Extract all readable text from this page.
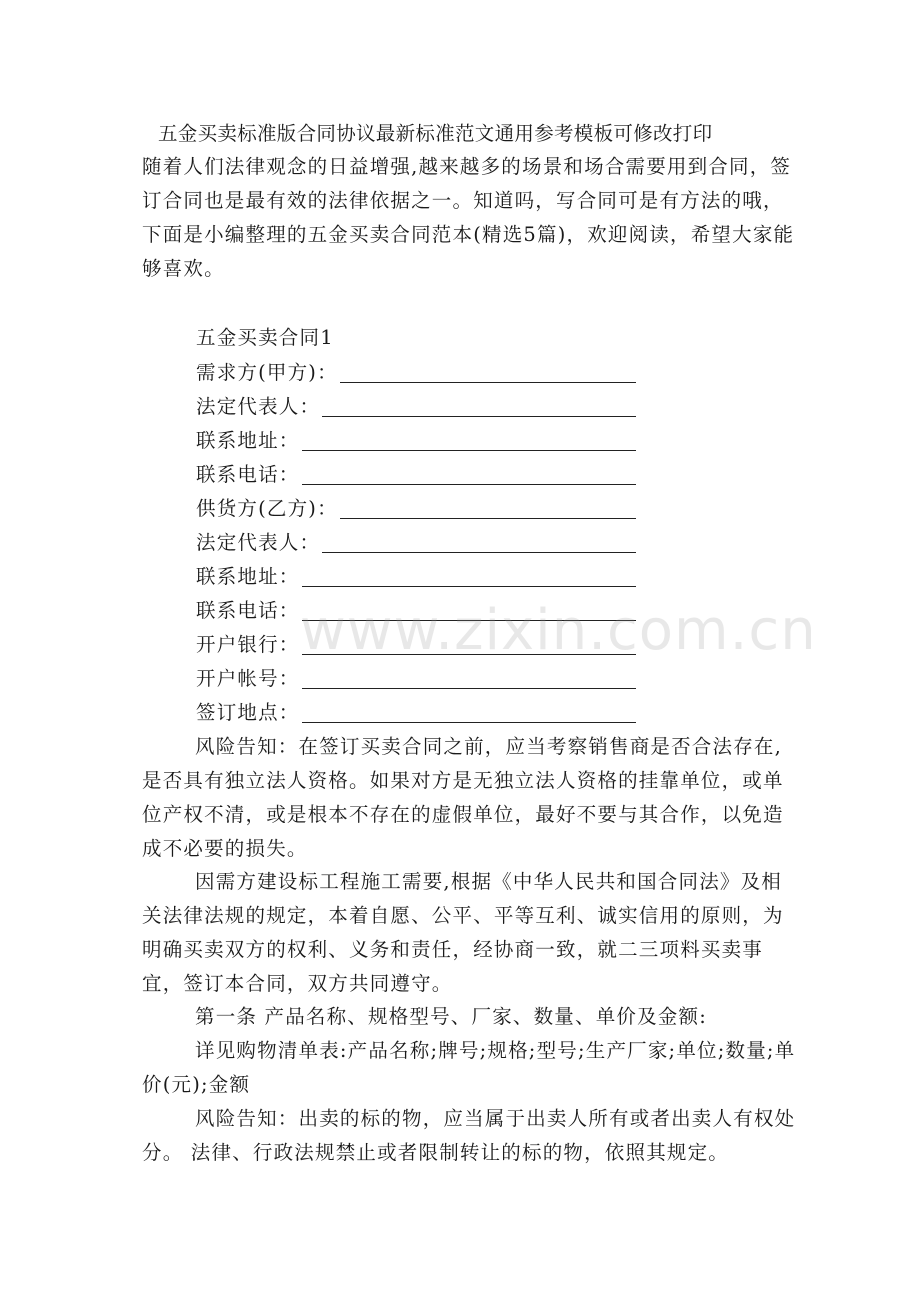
五金买卖标准版合同协议最新标准范文通用参考模板可修改打印

随着人们法律观念的日益增强,越来越多的场景和场合需要用到合同，签订合同也是最有效的法律依据之一。知道吗，写合同可是有方法的哦，下面是小编整理的五金买卖合同范本(精选5篇)，欢迎阅读，希望大家能够喜欢。

五金买卖合同1

需求方(甲方)：
法定代表人：
联系地址：
联系电话：
供货方(乙方)：
法定代表人：
联系地址：
联系电话：
开户银行：
开户帐号：
签订地点：

风险告知：在签订买卖合同之前，应当考察销售商是否合法存在,是否具有独立法人资格。如果对方是无独立法人资格的挂靠单位，或单位产权不清，或是根本不存在的虚假单位，最好不要与其合作，以免造成不必要的损失。

因需方建设标工程施工需要,根据《中华人民共和国合同法》及相关法律法规的规定，本着自愿、公平、平等互利、诚实信用的原则，为明确买卖双方的权利、义务和责任，经协商一致，就二三项料买卖事宜，签订本合同，双方共同遵守。

第一条 产品名称、规格型号、厂家、数量、单价及金额:

详见购物清单表:产品名称;牌号;规格;型号;生产厂家;单位;数量;单价(元);金额

风险告知：出卖的标的物，应当属于出卖人所有或者出卖人有权处分。 法律、行政法规禁止或者限制转让的标的物，依照其规定。

www.zixin.com.cn
